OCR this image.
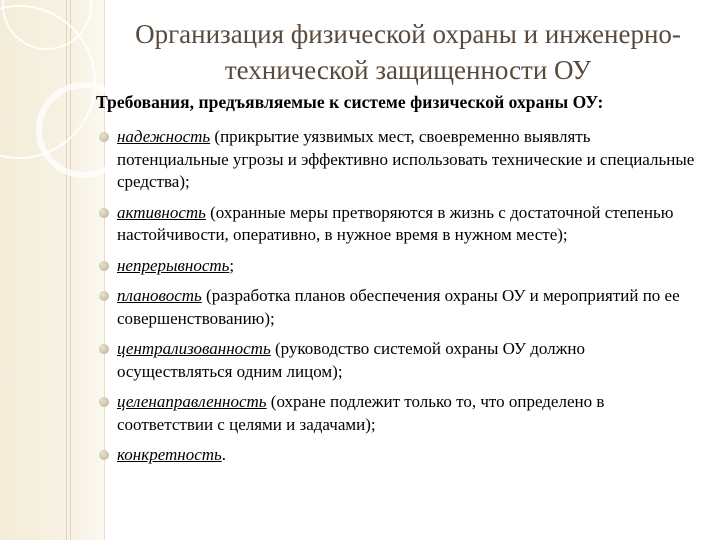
Организация физической охраны и инженерно-
технической защищенности ОУ
Требования, предъявляемые к системе физической охраны ОУ:
надежность (прикрытие уязвимых мест, своевременно выявлять потенциальные угрозы и эффективно использовать технические и специальные средства);
активность (охранные меры претворяются в жизнь с достаточной степенью настойчивости, оперативно, в нужное время в нужном месте);
непрерывность;
плановость (разработка планов обеспечения охраны ОУ и мероприятий по ее совершенствованию);
централизованность (руководство системой охраны ОУ должно осуществляться одним лицом);
целенаправленность (охране подлежит только то, что определено в соответствии с целями и задачами);
конкретность.
